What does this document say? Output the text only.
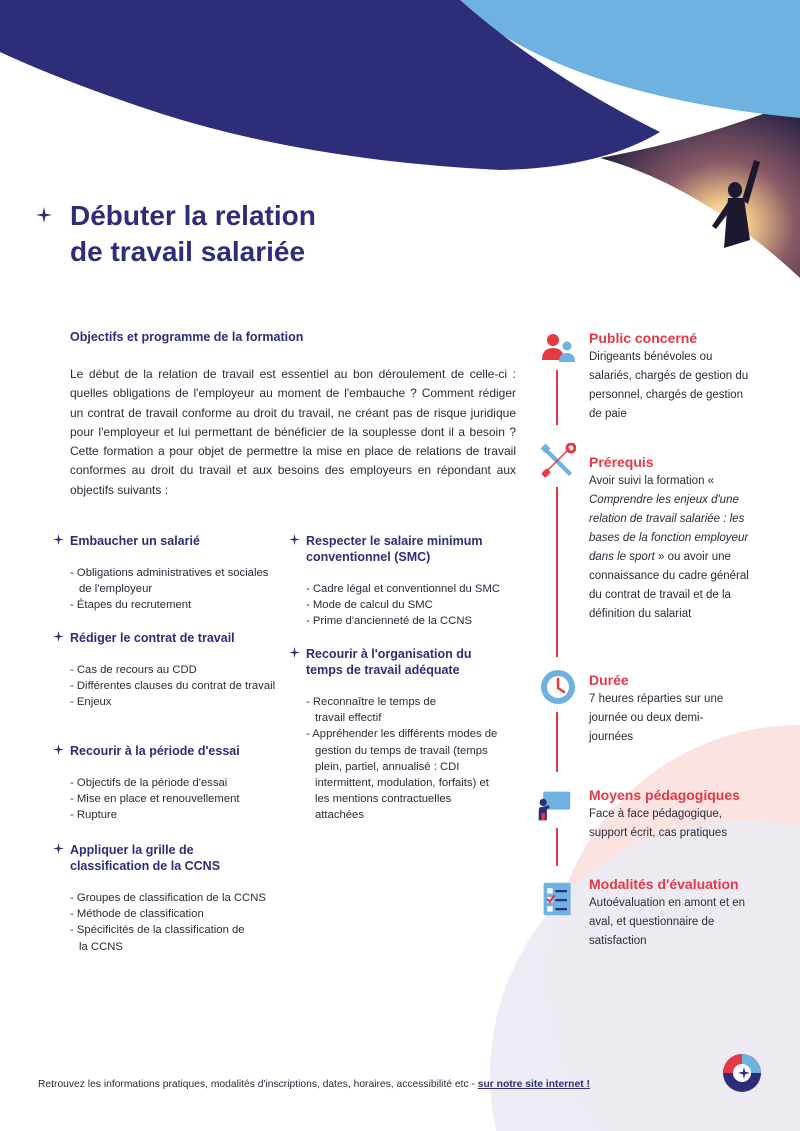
Débuter la relation
de travail salariée
Objectifs et programme de la formation

Le début de la relation de travail est essentiel au bon déroulement de celle-ci : quelles obligations de l'employeur au moment de l'embauche ? Comment rédiger un contrat de travail conforme au droit du travail, ne créant pas de risque juridique pour l'employeur et lui permettant de bénéficier de la souplesse dont il a besoin ? Cette formation a pour objet de permettre la mise en place de relations de travail conformes au droit du travail et aux besoins des employeurs en répondant aux objectifs suivants :

Embaucher un salarié
- Obligations administratives et sociales de l'employeur
- Étapes du recrutement
Rédiger le contrat de travail
- Cas de recours au CDD
- Différentes clauses du contrat de travail
- Enjeux
Recourir à la période d'essai
- Objectifs de la période d'essai
- Mise en place et renouvellement
- Rupture
Appliquer la grille de classification de la CCNS
- Groupes de classification de la CCNS
- Méthode de classification
- Spécificités de la classification de la CCNS
Respecter le salaire minimum conventionnel (SMC)
- Cadre légal et conventionnel du SMC
- Mode de calcul du SMC
- Prime d'ancienneté de la CCNS
Recourir à l'organisation du temps de travail adéquate
- Reconnaître le temps de travail effectif
- Appréhender les différents modes de gestion du temps de travail (temps plein, partiel, annualisé : CDI intermittent, modulation, forfaits) et les mentions contractuelles attachées
Public concerné

Dirigeants bénévoles ou salariés, chargés de gestion du personnel, chargés de gestion de paie

Prérequis

Avoir suivi la formation « Comprendre les enjeux d'une relation de travail salariée : les bases de la fonction employeur dans le sport » ou avoir une connaissance du cadre général du contrat de travail et de la définition du salariat

Durée

7 heures réparties sur une journée ou deux demi-journées

Moyens pédagogiques

Face à face pédagogique, support écrit, cas pratiques

Modalités d'évaluation

Autoévaluation en amont et en aval, et questionnaire de satisfaction

Retrouvez les informations pratiques, modalités d'inscriptions, dates, horaires, accessibilité etc - sur notre site internet !
